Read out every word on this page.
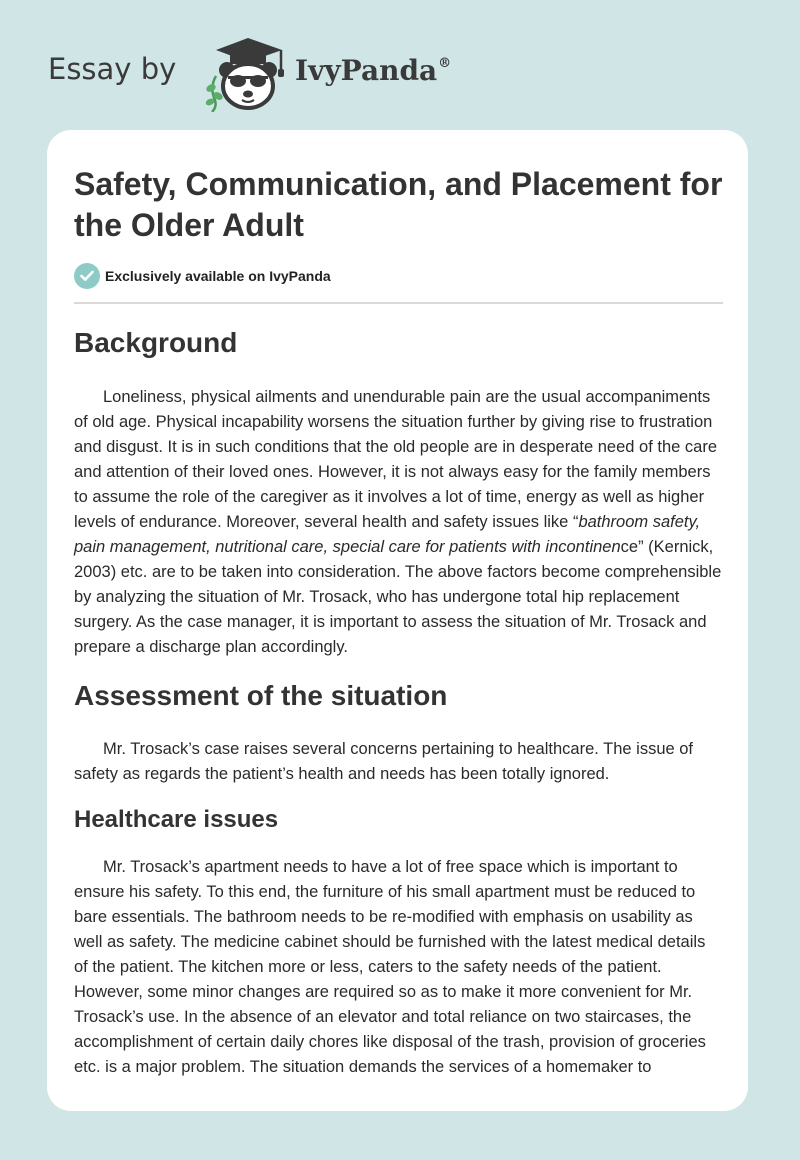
Essay by	IvyPanda®
Safety, Communication, and Placement for the Older Adult
Exclusively available on IvyPanda
Background

Loneliness, physical ailments and unendurable pain are the usual accompaniments of old age. Physical incapability worsens the situation further by giving rise to frustration and disgust. It is in such conditions that the old people are in desperate need of the care and attention of their loved ones. However, it is not always easy for the family members to assume the role of the caregiver as it involves a lot of time, energy as well as higher levels of endurance. Moreover, several health and safety issues like “bathroom safety, pain management, nutritional care, special care for patients with incontinence” (Kernick, 2003) etc. are to be taken into consideration. The above factors become comprehensible by analyzing the situation of Mr. Trosack, who has undergone total hip replacement surgery. As the case manager, it is important to assess the situation of Mr. Trosack and prepare a discharge plan accordingly.

Assessment of the situation

Mr. Trosack’s case raises several concerns pertaining to healthcare. The issue of safety as regards the patient’s health and needs has been totally ignored.

Healthcare issues

Mr. Trosack’s apartment needs to have a lot of free space which is important to ensure his safety. To this end, the furniture of his small apartment must be reduced to bare essentials. The bathroom needs to be re-modified with emphasis on usability as well as safety. The medicine cabinet should be furnished with the latest medical details of the patient. The kitchen more or less, caters to the safety needs of the patient. However, some minor changes are required so as to make it more convenient for Mr. Trosack’s use. In the absence of an elevator and total reliance on two staircases, the accomplishment of certain daily chores like disposal of the trash, provision of groceries etc. is a major problem. The situation demands the services of a homemaker to
